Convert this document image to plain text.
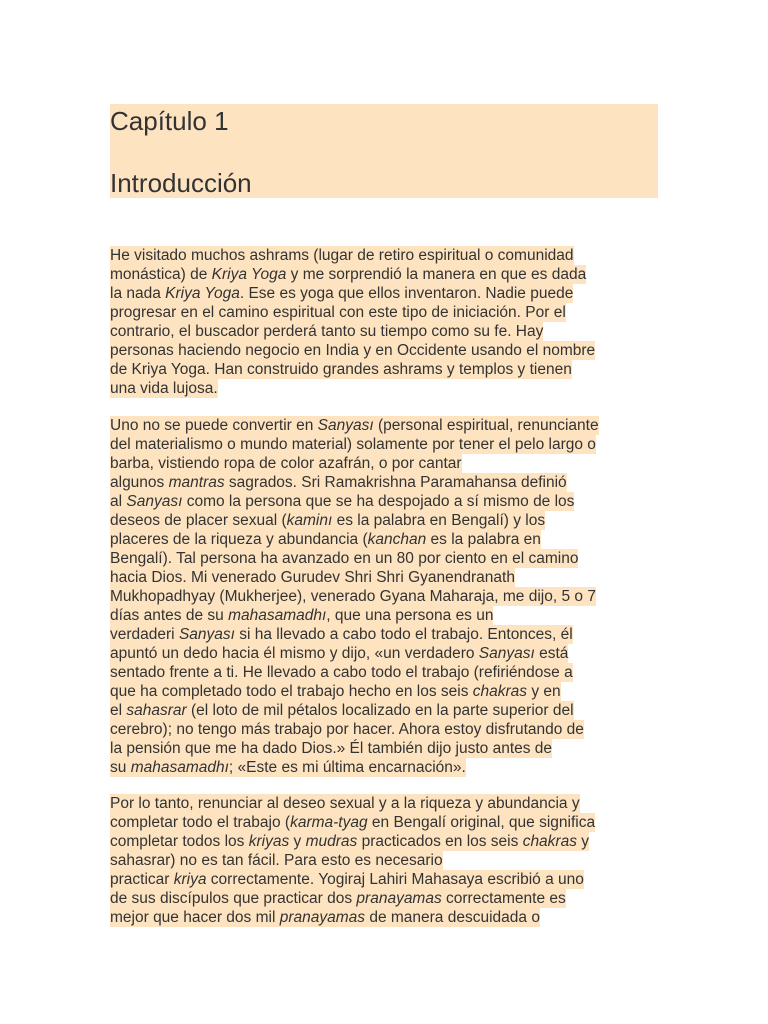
Capítulo 1
Introducción
He visitado muchos ashrams (lugar de retiro espiritual o comunidad
monástica) de Kriya Yoga y me sorprendió la manera en que es dada
la nada Kriya Yoga. Ese es yoga que ellos inventaron. Nadie puede
progresar en el camino espiritual con este tipo de iniciación. Por el
contrario, el buscador perderá tanto su tiempo como su fe. Hay
personas haciendo negocio en India y en Occidente usando el nombre
de Kriya Yoga. Han construido grandes ashrams y templos y tienen
una vida lujosa.
Uno no se puede convertir en Sanyası (personal espiritual, renunciante
del materialismo o mundo material) solamente por tener el pelo largo o
barba, vistiendo ropa de color azafrán, o por cantar
algunos mantras sagrados. Sri Ramakrishna Paramahansa definió
al Sanyası como la persona que se ha despojado a sí mismo de los
deseos de placer sexual (kaminı es la palabra en Bengalí) y los
placeres de la riqueza y abundancia (kanchan es la palabra en
Bengalí). Tal persona ha avanzado en un 80 por ciento en el camino
hacia Dios. Mi venerado Gurudev Shri Shri Gyanendranath
Mukhopadhyay (Mukherjee), venerado Gyana Maharaja, me dijo, 5 o 7
días antes de su mahasamadhı, que una persona es un
verdaderi Sanyası si ha llevado a cabo todo el trabajo. Entonces, él
apuntó un dedo hacia él mismo y dijo, «un verdadero Sanyası está
sentado frente a ti. He llevado a cabo todo el trabajo (refiriéndose a
que ha completado todo el trabajo hecho en los seis chakras y en
el sahasrar (el loto de mil pétalos localizado en la parte superior del
cerebro); no tengo más trabajo por hacer. Ahora estoy disfrutando de
la pensión que me ha dado Dios.» Él también dijo justo antes de
su mahasamadhı; «Este es mi última encarnación».
Por lo tanto, renunciar al deseo sexual y a la riqueza y abundancia y
completar todo el trabajo (karma-tyag en Bengalí original, que significa
completar todos los kriyas y mudras practicados en los seis chakras y
sahasrar) no es tan fácil. Para esto es necesario
practicar kriya correctamente. Yogiraj Lahiri Mahasaya escribió a uno
de sus discípulos que practicar dos pranayamas correctamente es
mejor que hacer dos mil pranayamas de manera descuidada o
